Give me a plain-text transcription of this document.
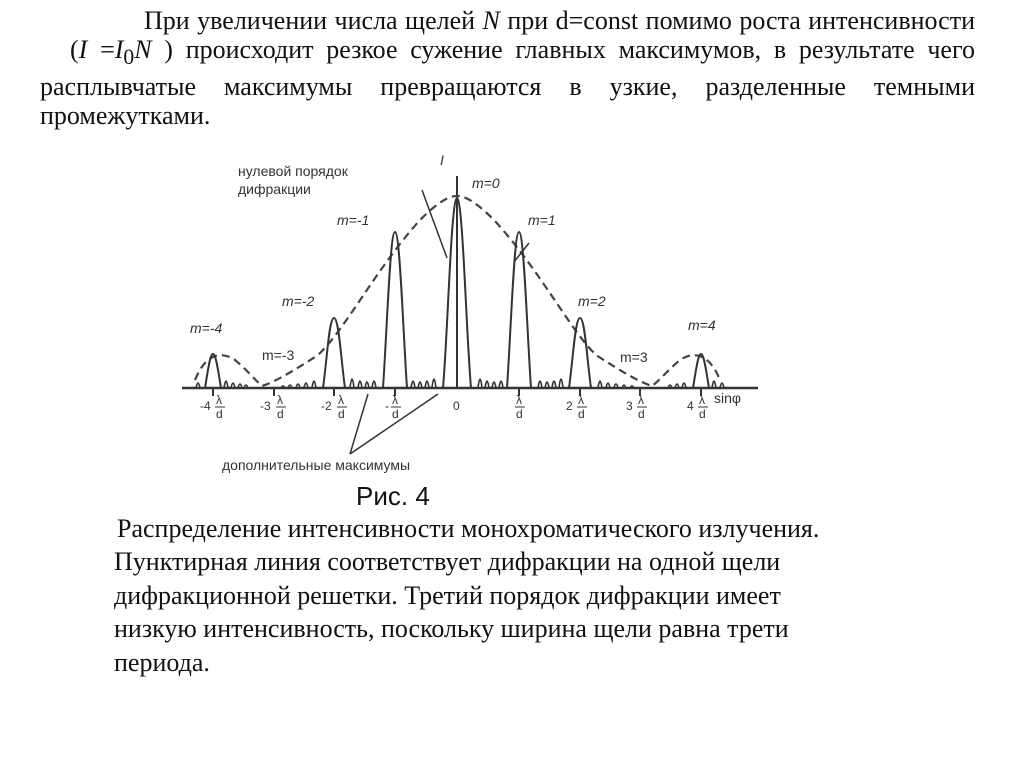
При увеличении числа щелей N при d=const помимо роста интенсивности ($I =I_0N$ ) происходит резкое сужение главных максимумов, в результате чего расплывчатые максимумы превращаются в узкие, разделенные темными промежутками.

I
sinφ
-4 λ
d
-3 λ
d
-2 λ
d
- λ
d
0	λ
d
2 λ
d
3 λ
d
4 λ
d
m=0
m=1
m=-1
m=2
m=-2
m=4
m=-4
m=3
m=-3
нулевой порядок
дифракции
дополнительные максимумы

Рис. 4

Распределение интенсивности монохроматического излучения. Пунктирная линия соответствует дифракции на одной щели дифракционной решетки. Третий порядок дифракции имеет низкую интенсивность, поскольку ширина щели равна трети периода.
